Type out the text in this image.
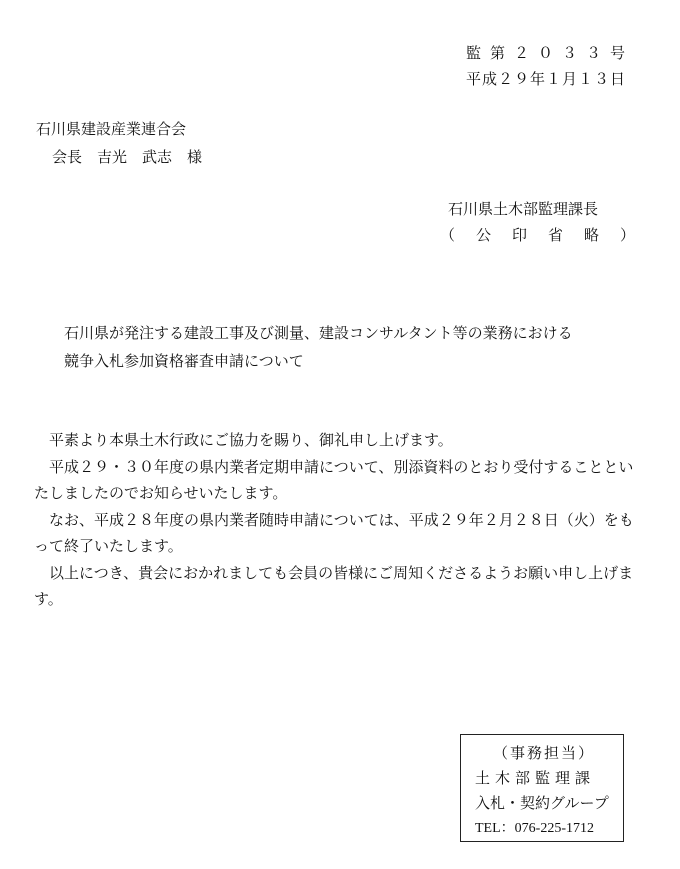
監第２０３３号
平成２９年１月１３日
石川県建設産業連合会
会長　吉光　武志　様
石川県土木部監理課長
（　公　印　省　略　）
石川県が発注する建設工事及び測量、建設コンサルタント等の業務における
競争入札参加資格審査申請について

　平素より本県土木行政にご協力を賜り、御礼申し上げます。

　平成２９・３０年度の県内業者定期申請について、別添資料のとおり受付することといたしましたのでお知らせいたします。

　なお、平成２８年度の県内業者随時申請については、平成２９年２月２８日（火）をもって終了いたします。

　以上につき、貴会におかれましても会員の皆様にご周知くださるようお願い申し上げます。

（事務担当）
土木部監理課
入札・契約グループ
TEL：076-225-1712
